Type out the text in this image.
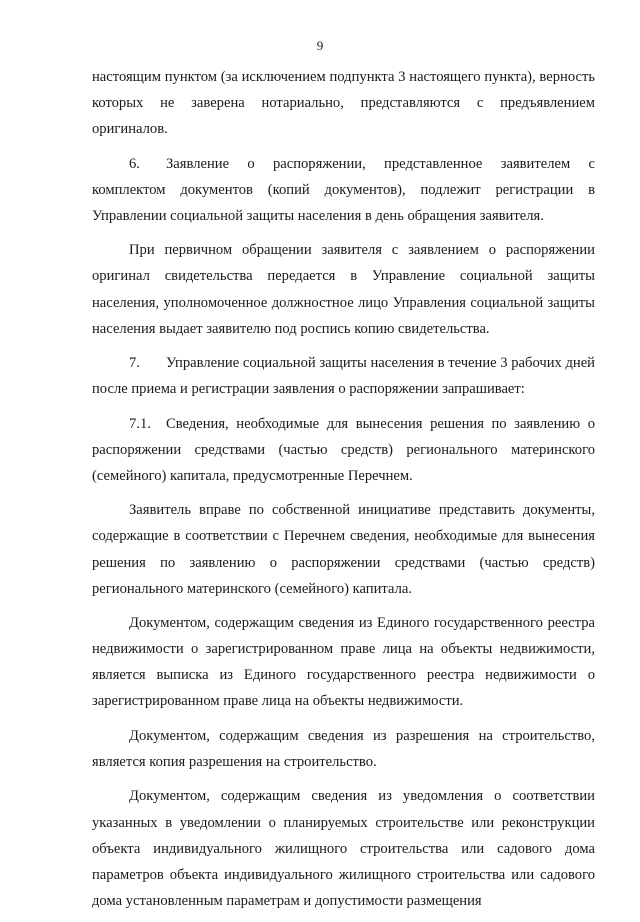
9

настоящим пунктом (за исключением подпункта 3 настоящего пункта), верность которых не заверена нотариально, представляются с предъявлением оригиналов.

6. Заявление о распоряжении, представленное заявителем с комплектом документов (копий документов), подлежит регистрации в Управлении социальной защиты населения в день обращения заявителя.

При первичном обращении заявителя с заявлением о распоряжении оригинал свидетельства передается в Управление социальной защиты населения, уполномоченное должностное лицо Управления социальной защиты населения выдает заявителю под роспись копию свидетельства.

7. Управление социальной защиты населения в течение 3 рабочих дней после приема и регистрации заявления о распоряжении запрашивает:

7.1. Сведения, необходимые для вынесения решения по заявлению о распоряжении средствами (частью средств) регионального материнского (семейного) капитала, предусмотренные Перечнем.

Заявитель вправе по собственной инициативе представить документы, содержащие в соответствии с Перечнем сведения, необходимые для вынесения решения по заявлению о распоряжении средствами (частью средств) регионального материнского (семейного) капитала.

Документом, содержащим сведения из Единого государственного реестра недвижимости о зарегистрированном праве лица на объекты недвижимости, является выписка из Единого государственного реестра недвижимости о зарегистрированном праве лица на объекты недвижимости.

Документом, содержащим сведения из разрешения на строительство, является копия разрешения на строительство.

Документом, содержащим сведения из уведомления о соответствии указанных в уведомлении о планируемых строительстве или реконструкции объекта индивидуального жилищного строительства или садового дома параметров объекта индивидуального жилищного строительства или садового дома установленным параметрам и допустимости размещения
